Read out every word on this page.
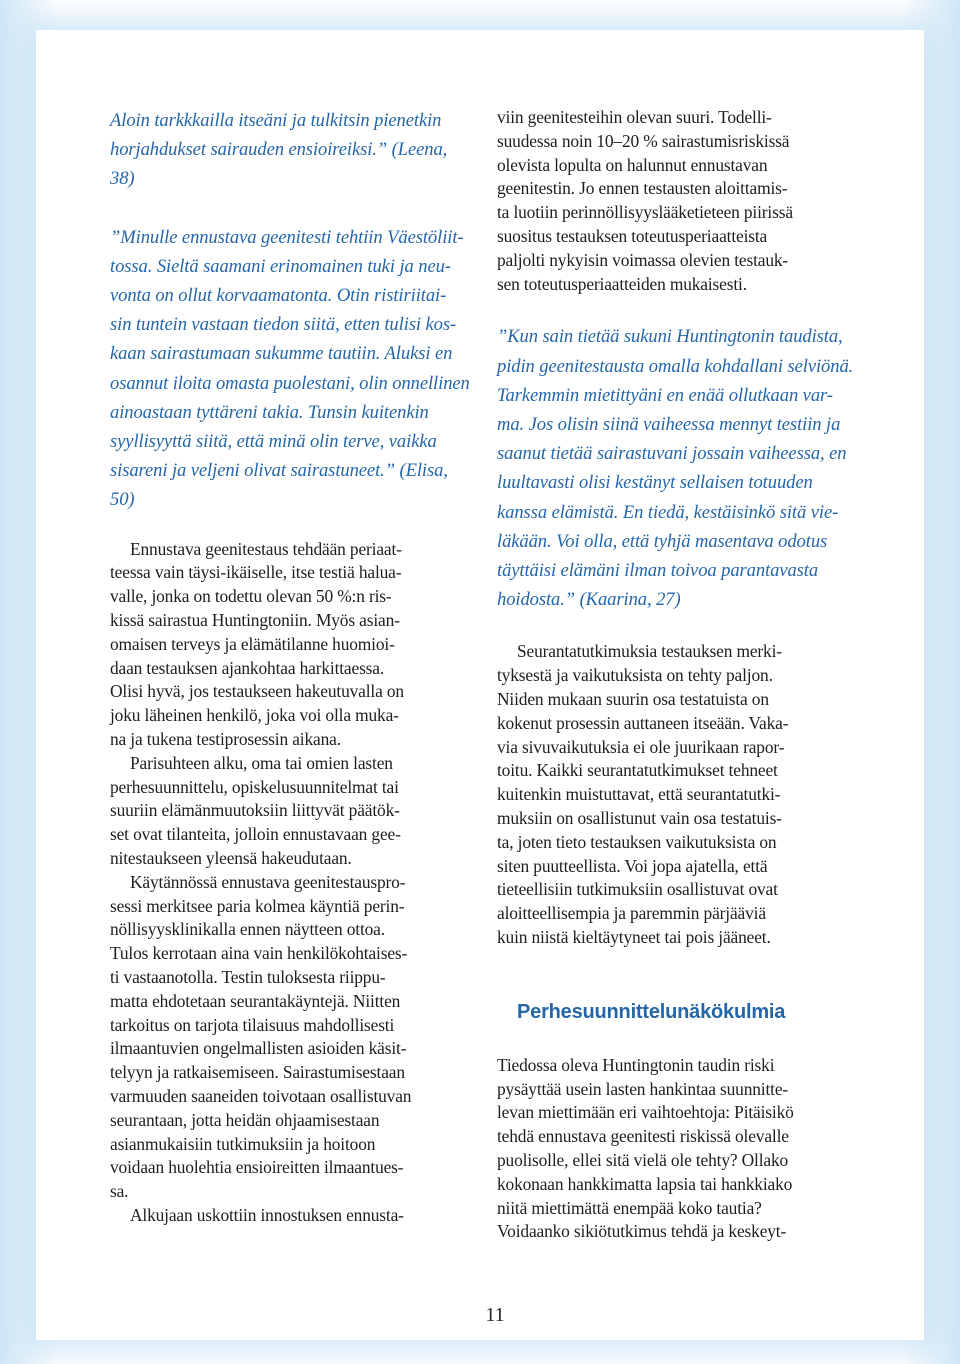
Aloin tarkkkailla itseäni ja tulkitsin pienetkin
horjahdukset sairauden ensioireiksi.” (Leena,
38)
”Minulle ennustava geenitesti tehtiin Väestöliit-
tossa. Sieltä saamani erinomainen tuki ja neu-
vonta on ollut korvaamatonta. Otin ristiriitai-
sin tuntein vastaan tiedon siitä, etten tulisi kos-
kaan sairastumaan sukumme tautiin. Aluksi en
osannut iloita omasta puolestani, olin onnellinen
ainoastaan tyttäreni takia. Tunsin kuitenkin
syyllisyyttä siitä, että minä olin terve, vaikka
sisareni ja veljeni olivat sairastuneet.” (Elisa,
50)
Ennustava geenitestaus tehdään periaat-
teessa vain täysi-ikäiselle, itse testiä halua-
valle, jonka on todettu olevan 50 %:n ris-
kissä sairastua Huntingtoniin. Myös asian-
omaisen terveys ja elämätilanne huomioi-
daan testauksen ajankohtaa harkittaessa.
Olisi hyvä, jos testaukseen hakeutuvalla on
joku läheinen henkilö, joka voi olla muka-
na ja tukena testiprosessin aikana.
Parisuhteen alku, oma tai omien lasten
perhesuunnittelu, opiskelusuunnitelmat tai
suuriin elämänmuutoksiin liittyvät päätök-
set ovat tilanteita, jolloin ennustavaan gee-
nitestaukseen yleensä hakeudutaan.
Käytännössä ennustava geenitestauspro-
sessi merkitsee paria kolmea käyntiä perin-
nöllisyysklinikalla ennen näytteen ottoa.
Tulos kerrotaan aina vain henkilökohtaises-
ti vastaanotolla. Testin tuloksesta riippu-
matta ehdotetaan seurantakäyntejä. Niitten
tarkoitus on tarjota tilaisuus mahdollisesti
ilmaantuvien ongelmallisten asioiden käsit-
telyyn ja ratkaisemiseen. Sairastumisestaan
varmuuden saaneiden toivotaan osallistuvan
seurantaan, jotta heidän ohjaamisestaan
asianmukaisiin tutkimuksiin ja hoitoon
voidaan huolehtia ensioireitten ilmaantues-
sa.
Alkujaan uskottiin innostuksen ennusta-
viin geenitesteihin olevan suuri. Todelli-
suudessa noin 10–20 % sairastumisriskissä
olevista lopulta on halunnut ennustavan
geenitestin. Jo ennen testausten aloittamis-
ta luotiin perinnöllisyyslääketieteen piirissä
suositus testauksen toteutusperiaatteista
paljolti nykyisin voimassa olevien testauk-
sen toteutusperiaatteiden mukaisesti.
”Kun sain tietää sukuni Huntingtonin taudista,
pidin geenitestausta omalla kohdallani selviönä.
Tarkemmin mietittyäni en enää ollutkaan var-
ma. Jos olisin siinä vaiheessa mennyt testiin ja
saanut tietää sairastuvani jossain vaiheessa, en
luultavasti olisi kestänyt sellaisen totuuden
kanssa elämistä. En tiedä, kestäisinkö sitä vie-
läkään. Voi olla, että tyhjä masentava odotus
täyttäisi elämäni ilman toivoa parantavasta
hoidosta.” (Kaarina, 27)
Seurantatutkimuksia testauksen merki-
tyksestä ja vaikutuksista on tehty paljon.
Niiden mukaan suurin osa testatuista on
kokenut prosessin auttaneen itseään. Vaka-
via sivuvaikutuksia ei ole juurikaan rapor-
toitu. Kaikki seurantatutkimukset tehneet
kuitenkin muistuttavat, että seurantatutki-
muksiin on osallistunut vain osa testatuis-
ta, joten tieto testauksen vaikutuksista on
siten puutteellista. Voi jopa ajatella, että
tieteellisiin tutkimuksiin osallistuvat ovat
aloitteellisempia ja paremmin pärjääviä
kuin niistä kieltäytyneet tai pois jääneet.
Perhesuunnittelunäkökulmia
Tiedossa oleva Huntingtonin taudin riski
pysäyttää usein lasten hankintaa suunnitte-
levan miettimään eri vaihtoehtoja: Pitäisikö
tehdä ennustava geenitesti riskissä olevalle
puolisolle, ellei sitä vielä ole tehty? Ollako
kokonaan hankkimatta lapsia tai hankkiako
niitä miettimättä enempää koko tautia?
Voidaanko sikiötutkimus tehdä ja keskeyt-
11
